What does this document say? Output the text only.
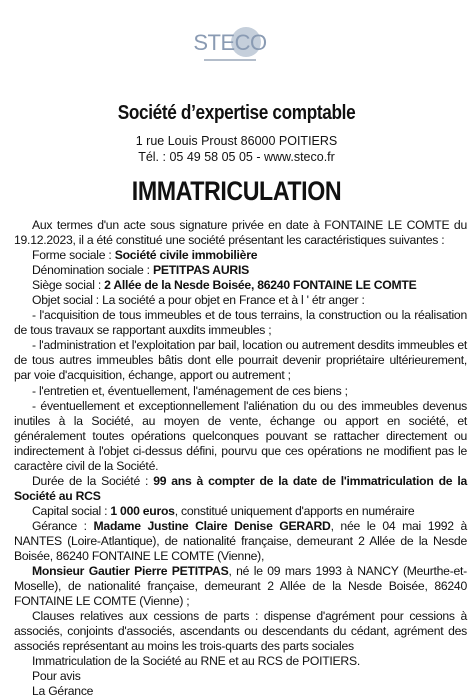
STECO
Société d’expertise comptable
1 rue Louis Proust 86000 POITIERS
Tél. : 05 49 58 05 05 - www.steco.fr
IMMATRICULATION

Aux termes d'un acte sous signature privée en date à FONTAINE LE COMTE du 19.12.2023, il a été constitué une société présentant les caractéristiques suivantes :

Forme sociale : Société civile immobilière

Dénomination sociale : PETITPAS AURIS

Siège social : 2 Allée de la Nesde Boisée, 86240 FONTAINE LE COMTE

Objet social : La société a pour objet en France et à l ' étr anger :

- l'acquisition de tous immeubles et de tous terrains, la construction ou la réalisation de tous travaux se rapportant auxdits immeubles ;

- l'administration et l'exploitation par bail, location ou autrement desdits immeubles et de tous autres immeubles bâtis dont elle pourrait devenir propriétaire ultérieurement, par voie d'acquisition, échange, apport ou autrement ;

- l'entretien et, éventuellement, l'aménagement de ces biens ;

- éventuellement et exceptionnellement l'aliénation du ou des immeubles devenus inutiles à la Société, au moyen de vente, échange ou apport en société, et généralement toutes opérations quelconques pouvant se rattacher directement ou indirectement à l'objet ci-dessus défini, pourvu que ces opérations ne modifient pas le caractère civil de la Société.

Durée de la Société : 99 ans à compter de la date de l'immatriculation de la Société au RCS

Capital social : 1 000 euros, constitué uniquement d'apports en numéraire

Gérance : Madame Justine Claire Denise GERARD, née le 04 mai 1992 à NANTES (Loire-Atlantique), de nationalité française, demeurant 2 Allée de la Nesde Boisée, 86240 FONTAINE LE COMTE (Vienne),

Monsieur Gautier Pierre PETITPAS, né le 09 mars 1993 à NANCY (Meurthe-et-Moselle), de nationalité française, demeurant 2 Allée de la Nesde Boisée, 86240 FONTAINE LE COMTE (Vienne) ;

Clauses relatives aux cessions de parts : dispense d'agrément pour cessions à associés, conjoints d'associés, ascendants ou descendants du cédant, agrément des associés représentant au moins les trois-quarts des parts sociales

Immatriculation de la Société au RNE et au RCS de POITIERS.

Pour avis

La Gérance
